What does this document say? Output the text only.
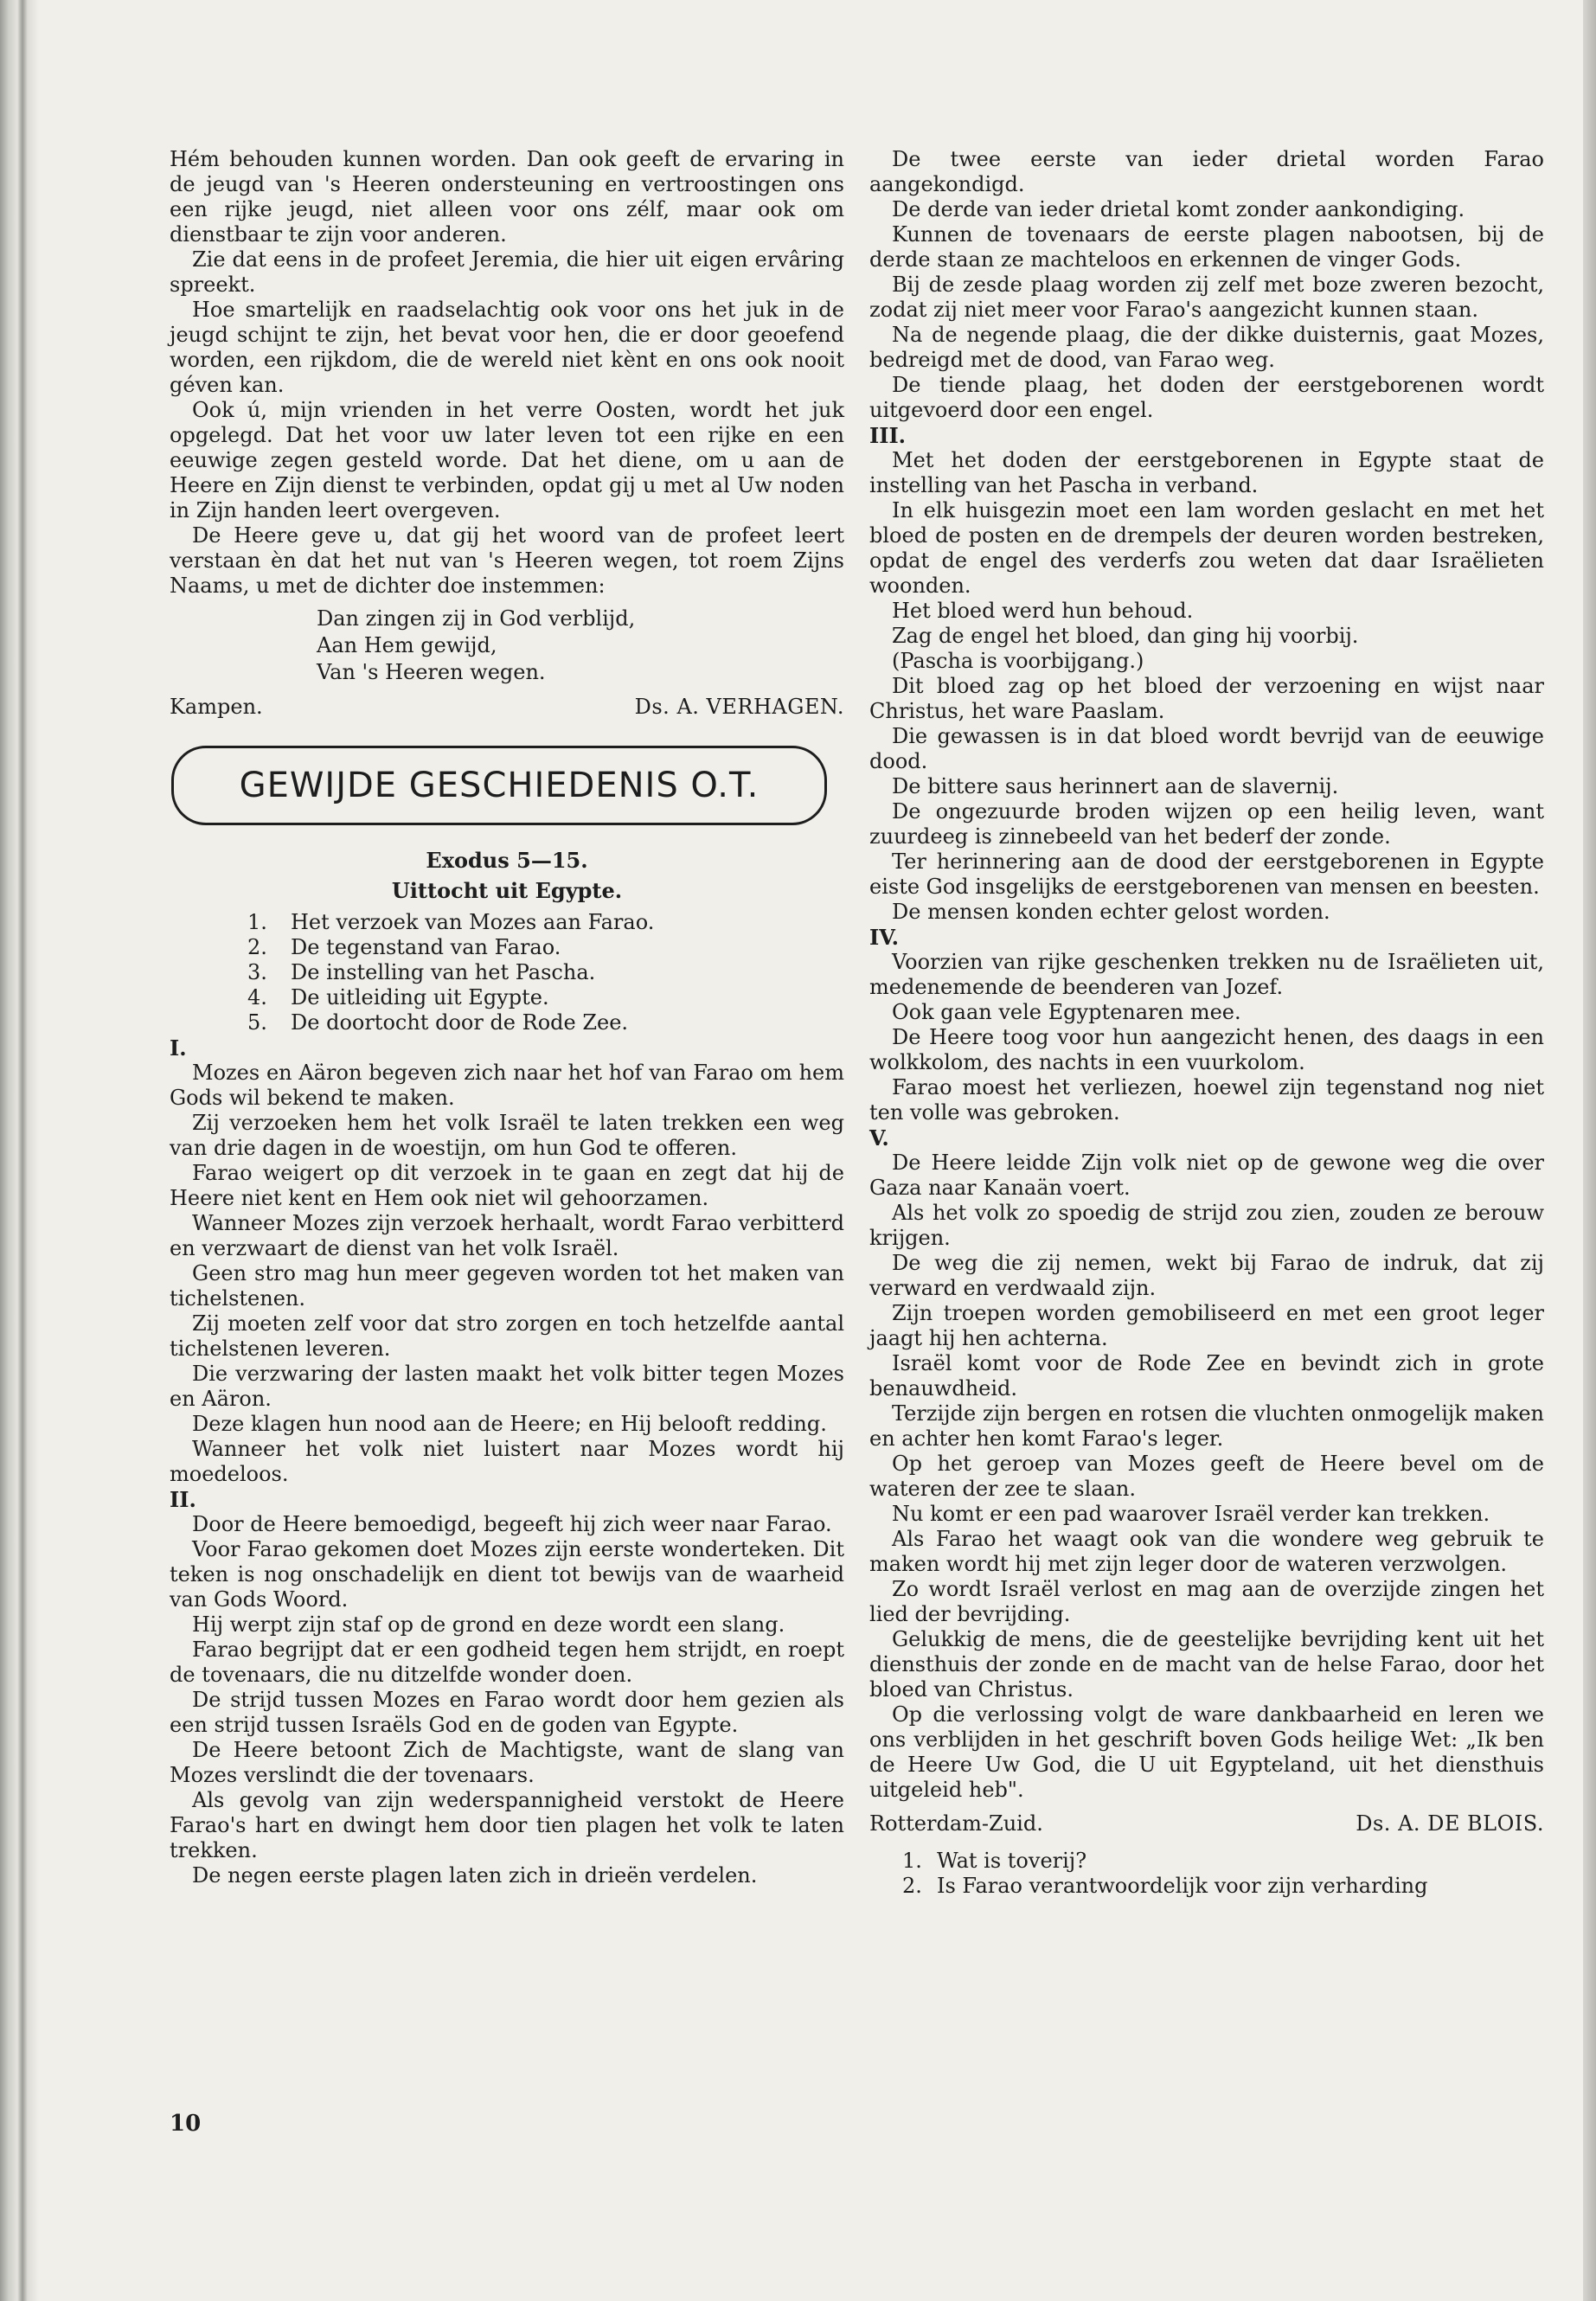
Hém behouden kunnen worden. Dan ook geeft de ervaring in de jeugd van 's Heeren ondersteuning en vertroostingen ons een rijke jeugd, niet alleen voor ons zélf, maar ook om dienstbaar te zijn voor anderen.

Zie dat eens in de profeet Jeremia, die hier uit eigen ervâring spreekt.

Hoe smartelijk en raadselachtig ook voor ons het juk in de jeugd schijnt te zijn, het bevat voor hen, die er door geoefend worden, een rijkdom, die de wereld niet kènt en ons ook nooit géven kan.

Ook ú, mijn vrienden in het verre Oosten, wordt het juk opgelegd. Dat het voor uw later leven tot een rijke en een eeuwige zegen gesteld worde. Dat het diene, om u aan de Heere en Zijn dienst te verbinden, opdat gij u met al Uw noden in Zijn handen leert overgeven.

De Heere geve u, dat gij het woord van de profeet leert verstaan èn dat het nut van 's Heeren wegen, tot roem Zijns Naams, u met de dichter doe instemmen:

Dan zingen zij in God verblijd,
Aan Hem gewijd,
Van 's Heeren wegen.
Kampen.	Ds. A. VERHAGEN.
GEWIJDE GESCHIEDENIS O.T.

Exodus 5—15.

Uittocht uit Egypte.

1.	Het verzoek van Mozes aan Farao.
2.	De tegenstand van Farao.
3.	De instelling van het Pascha.
4.	De uitleiding uit Egypte.
5.	De doortocht door de Rode Zee.

I.

Mozes en Aäron begeven zich naar het hof van Farao om hem Gods wil bekend te maken.

Zij verzoeken hem het volk Israël te laten trekken een weg van drie dagen in de woestijn, om hun God te offeren.

Farao weigert op dit verzoek in te gaan en zegt dat hij de Heere niet kent en Hem ook niet wil gehoorzamen.

Wanneer Mozes zijn verzoek herhaalt, wordt Farao verbitterd en verzwaart de dienst van het volk Israël.

Geen stro mag hun meer gegeven worden tot het maken van tichelstenen.

Zij moeten zelf voor dat stro zorgen en toch hetzelfde aantal tichelstenen leveren.

Die verzwaring der lasten maakt het volk bitter tegen Mozes en Aäron.

Deze klagen hun nood aan de Heere; en Hij belooft redding.

Wanneer het volk niet luistert naar Mozes wordt hij moedeloos.

II.

Door de Heere bemoedigd, begeeft hij zich weer naar Farao.

Voor Farao gekomen doet Mozes zijn eerste wonderteken. Dit teken is nog onschadelijk en dient tot bewijs van de waarheid van Gods Woord.

Hij werpt zijn staf op de grond en deze wordt een slang.

Farao begrijpt dat er een godheid tegen hem strijdt, en roept de tovenaars, die nu ditzelfde wonder doen.

De strijd tussen Mozes en Farao wordt door hem gezien als een strijd tussen Israëls God en de goden van Egypte.

De Heere betoont Zich de Machtigste, want de slang van Mozes verslindt die der tovenaars.

Als gevolg van zijn wederspannigheid verstokt de Heere Farao's hart en dwingt hem door tien plagen het volk te laten trekken.

De negen eerste plagen laten zich in drieën verdelen.

De twee eerste van ieder drietal worden Farao aangekondigd.

De derde van ieder drietal komt zonder aankondiging.

Kunnen de tovenaars de eerste plagen nabootsen, bij de derde staan ze machteloos en erkennen de vinger Gods.

Bij de zesde plaag worden zij zelf met boze zweren bezocht, zodat zij niet meer voor Farao's aangezicht kunnen staan.

Na de negende plaag, die der dikke duisternis, gaat Mozes, bedreigd met de dood, van Farao weg.

De tiende plaag, het doden der eerstgeborenen wordt uitgevoerd door een engel.

III.

Met het doden der eerstgeborenen in Egypte staat de instelling van het Pascha in verband.

In elk huisgezin moet een lam worden geslacht en met het bloed de posten en de drempels der deuren worden bestreken, opdat de engel des verderfs zou weten dat daar Israëlieten woonden.

Het bloed werd hun behoud.

Zag de engel het bloed, dan ging hij voorbij.

(Pascha is voorbijgang.)

Dit bloed zag op het bloed der verzoening en wijst naar Christus, het ware Paaslam.

Die gewassen is in dat bloed wordt bevrijd van de eeuwige dood.

De bittere saus herinnert aan de slavernij.

De ongezuurde broden wijzen op een heilig leven, want zuurdeeg is zinnebeeld van het bederf der zonde.

Ter herinnering aan de dood der eerstgeborenen in Egypte eiste God insgelijks de eerstgeborenen van mensen en beesten.

De mensen konden echter gelost worden.

IV.

Voorzien van rijke geschenken trekken nu de Israëlieten uit, medenemende de beenderen van Jozef.

Ook gaan vele Egyptenaren mee.

De Heere toog voor hun aangezicht henen, des daags in een wolkkolom, des nachts in een vuurkolom.

Farao moest het verliezen, hoewel zijn tegenstand nog niet ten volle was gebroken.

V.

De Heere leidde Zijn volk niet op de gewone weg die over Gaza naar Kanaän voert.

Als het volk zo spoedig de strijd zou zien, zouden ze berouw krijgen.

De weg die zij nemen, wekt bij Farao de indruk, dat zij verward en verdwaald zijn.

Zijn troepen worden gemobiliseerd en met een groot leger jaagt hij hen achterna.

Israël komt voor de Rode Zee en bevindt zich in grote benauwdheid.

Terzijde zijn bergen en rotsen die vluchten onmogelijk maken en achter hen komt Farao's leger.

Op het geroep van Mozes geeft de Heere bevel om de wateren der zee te slaan.

Nu komt er een pad waarover Israël verder kan trekken.

Als Farao het waagt ook van die wondere weg gebruik te maken wordt hij met zijn leger door de wateren verzwolgen.

Zo wordt Israël verlost en mag aan de overzijde zingen het lied der bevrijding.

Gelukkig de mens, die de geestelijke bevrijding kent uit het diensthuis der zonde en de macht van de helse Farao, door het bloed van Christus.

Op die verlossing volgt de ware dankbaarheid en leren we ons verblijden in het geschrift boven Gods heilige Wet: „Ik ben de Heere Uw God, die U uit Egypteland, uit het diensthuis uitgeleid heb".

Rotterdam-Zuid.	Ds. A. DE BLOIS.
1. Wat is toverij?
2. Is Farao verantwoordelijk voor zijn verharding
10
